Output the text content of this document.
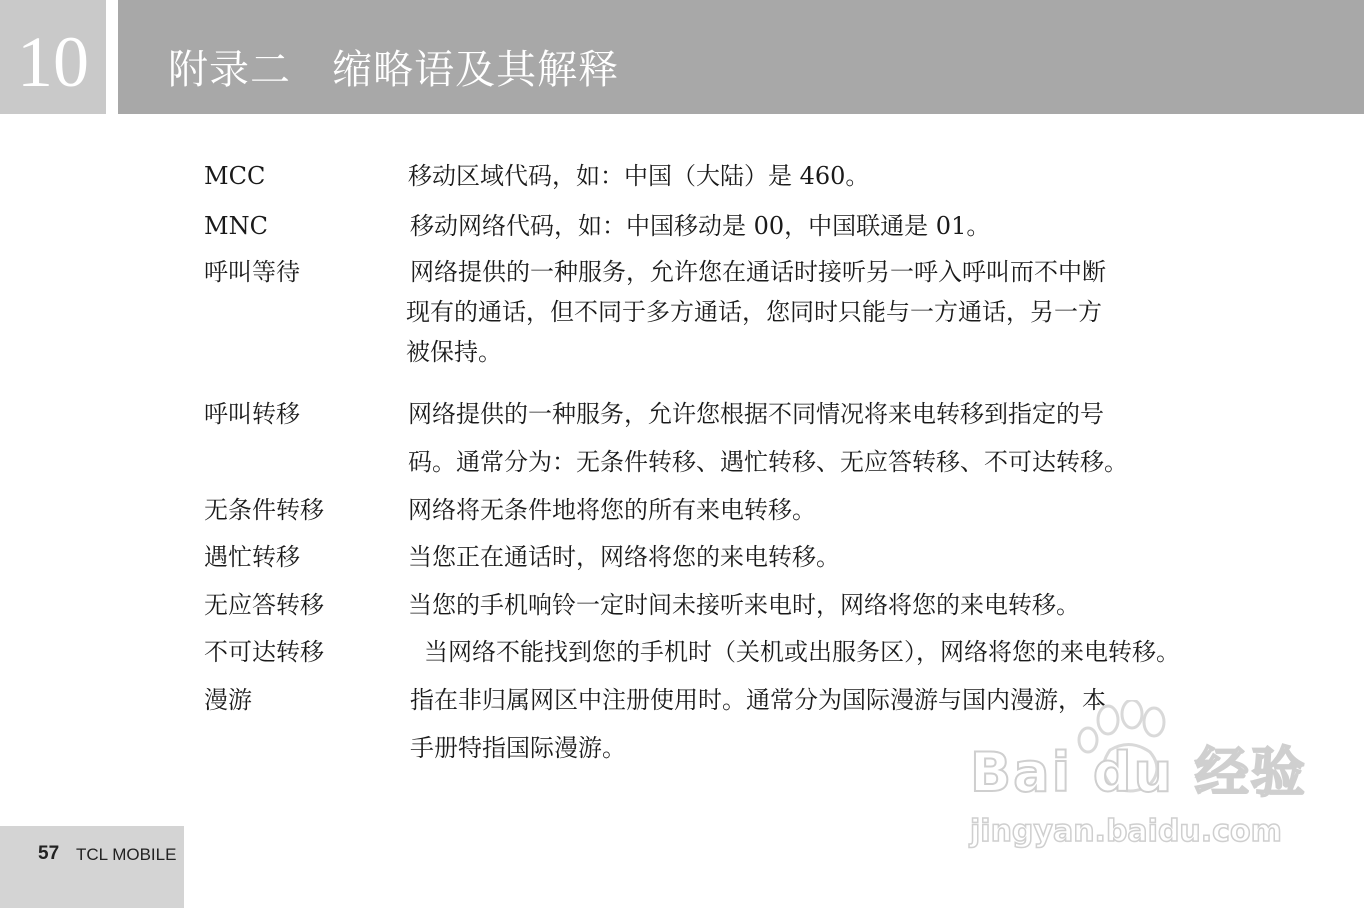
10	附录二   缩略语及其解释
MCC	移动区域代码，如：中国（大陆）是 460。
MNC	移动网络代码，如：中国移动是 00，中国联通是 01。
呼叫等待	网络提供的一种服务，允许您在通话时接听另一呼入呼叫而不中断
现有的通话，但不同于多方通话，您同时只能与一方通话，另一方
被保持。
呼叫转移	网络提供的一种服务，允许您根据不同情况将来电转移到指定的号
码。通常分为：无条件转移、遇忙转移、无应答转移、不可达转移。
无条件转移	网络将无条件地将您的所有来电转移。
遇忙转移	当您正在通话时，网络将您的来电转移。
无应答转移	当您的手机响铃一定时间未接听来电时，网络将您的来电转移。
不可达转移	当网络不能找到您的手机时（关机或出服务区），网络将您的来电转移。
漫游	指在非归属网区中注册使用时。通常分为国际漫游与国内漫游，本
手册特指国际漫游。	Bai du 经验
jingyan.baidu.com
57 TCL MOBILE
